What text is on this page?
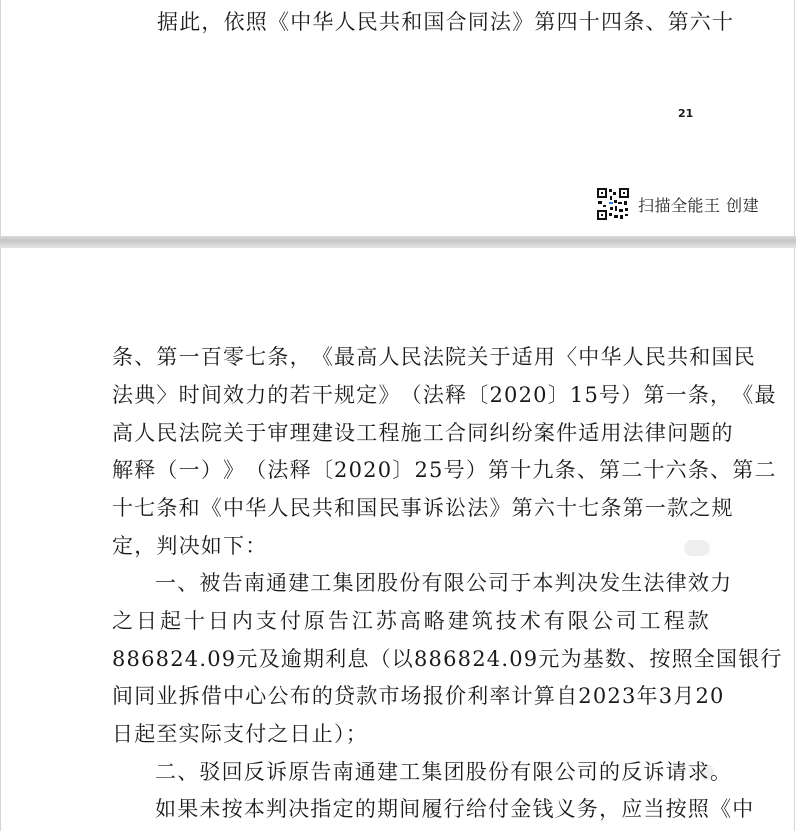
据此，依照《中华人民共和国合同法》第四十四条、第六十
21
扫描全能王 创建
条 、 第 一 百 零 七 条 ， 《 最 高 人 民 法 院 关 于 适 用 〈 中 华 人 民 共 和 国 民
法 典 〉 时 间 效 力 的 若 干 规 定 》 （ 法 释 〔 2020 〕 15 号 ） 第 一 条 ， 《 最
高 人 民 法 院 关 于 审 理 建 设 工 程 施 工 合 同 纠 纷 案 件 适 用 法 律 问 题 的
解 释 （ 一 ） 》 （ 法 释 〔 2020 〕 25 号 ） 第 十 九 条 、 第 二 十 六 条 、 第 二
十 七 条 和 《 中 华 人 民 共 和 国 民 事 诉 讼 法 》 第 六 十 七 条 第 一 款 之 规
定，判决如下：
一 、 被 告 南 通 建 工 集 团 股 份 有 限 公 司 于 本 判 决 发 生 法 律 效 力
之 日 起 十 日 内 支 付 原 告 江 苏 高 略 建 筑 技 术 有 限 公 司 工 程 款
886824.09 元 及 逾 期 利 息 （ 以 886824.09 元 为 基 数 、 按 照 全 国 银 行
间 同 业 拆 借 中 心 公 布 的 贷 款 市 场 报 价 利 率 计 算 自 2023 年 3 月 20
日起至实际支付之日止）；
二、驳回反诉原告南通建工集团股份有限公司的反诉请求。
如 果 未 按 本 判 决 指 定 的 期 间 履 行 给 付 金 钱 义 务 ， 应 当 按 照 《 中
